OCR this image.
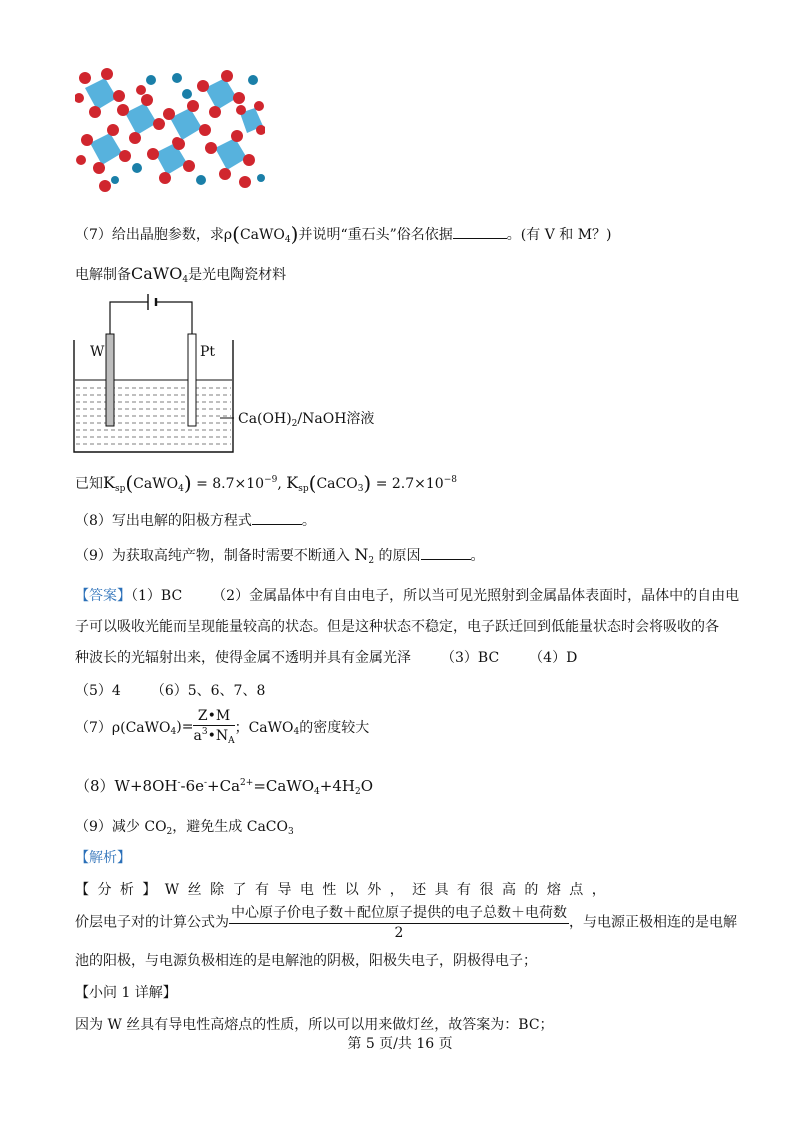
（7）给出晶胞参数，求ρ(CaWO$_4$)并说明“重石头”俗名依据	。(有 V 和 M？)
电解制备CaWO$_4$是光电陶瓷材料
W	Pt
$Ca(OH)_2$/NaOH溶液
已知$K_{sp}(CaWO_4) = 8.7\times 10^{-9}$, $K_{sp}(CaCO_3) = 2.7\times 10^{-8}$
（8）写出电解的阳极方程式	。
（9）为获取高纯产物，制备时需要不断通入 $N_2$ 的原因	。
【答案】（1）BC （2）金属晶体中有自由电子，所以当可见光照射到金属晶体表面时，晶体中的自由电
子可以吸收光能而呈现能量较高的状态。但是这种状态不稳定，电子跃迁回到低能量状态时会将吸收的各
种波长的光辐射出来，使得金属不透明并具有金属光泽 （3）BC （4）D
（5）4 （6）5、6、7、8
（7）ρ(CaWO$_4$)= $\frac{Z•M}{a^3•N_A}$ ；CaWO$_4$的密度较大
$(8)W+8OH^--6e^-+Ca^{2+}=CaWO_4+4H_2O$
（9）减少 $CO_2$，避免生成 CaCO$_3$
【解析】
【 分 析 】 W 丝 除 了 有 导 电 性 以 外 ， 还 具 有 很 高 的 熔 点 ，
价层电子对的计算公式为 $\frac{\text{中心原子价电子数＋配位原子提供的电子总数＋电荷数}}{2}$ ，与电源正极相连的是电解
池的阳极，与电源负极相连的是电解池的阴极，阳极失电子，阴极得电子；
【小问 1 详解】
因为 W 丝具有导电性高熔点的性质，所以可以用来做灯丝，故答案为：BC；
第 5 页/共 16 页
